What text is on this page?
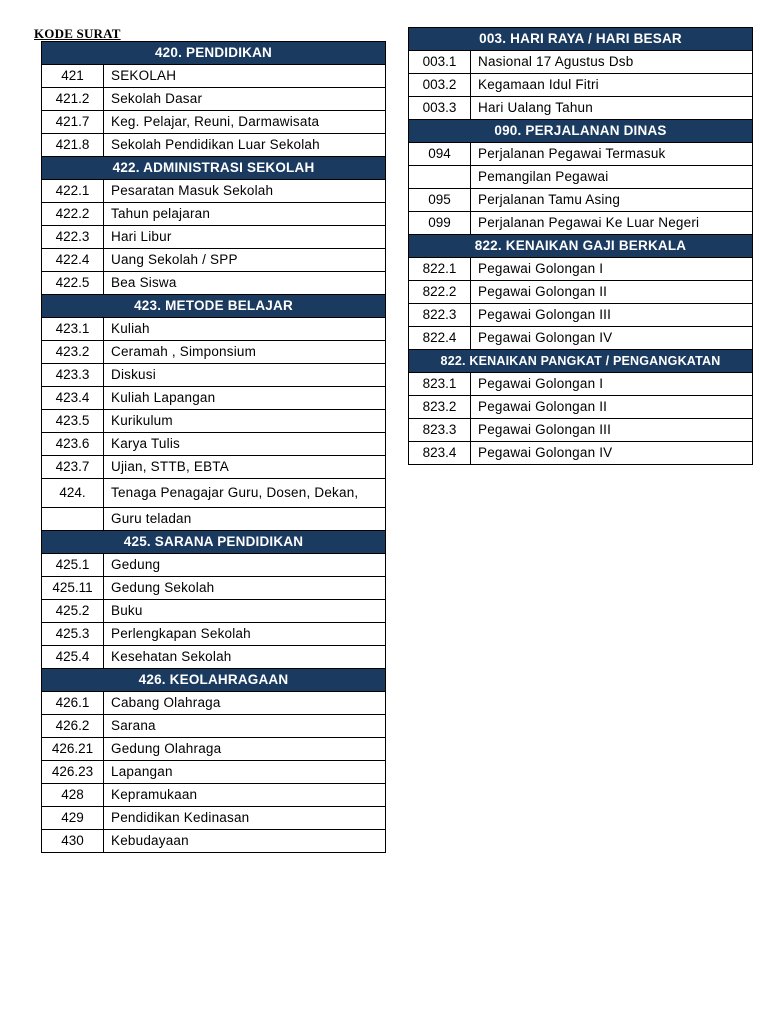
KODE SURAT
420. PENDIDIKAN	
421	SEKOLAH
421.2	Sekolah Dasar
421.7	Keg. Pelajar, Reuni, Darmawisata
421.8	Sekolah Pendidikan Luar Sekolah
422. ADMINISTRASI SEKOLAH	
422.1	Pesaratan Masuk Sekolah
422.2	Tahun pelajaran
422.3	Hari Libur
422.4	Uang Sekolah / SPP
422.5	Bea Siswa
423. METODE BELAJAR	
423.1	Kuliah
423.2	Ceramah , Simponsium
423.3	Diskusi
423.4	Kuliah Lapangan
423.5	Kurikulum
423.6	Karya Tulis
423.7	Ujian, STTB, EBTA
424.	Tenaga Penagajar Guru, Dosen, Dekan,
	Guru teladan
425. SARANA PENDIDIKAN	
425.1	Gedung
425.11	Gedung Sekolah
425.2	Buku
425.3	Perlengkapan Sekolah
425.4	Kesehatan Sekolah
426. KEOLAHRAGAAN	
426.1	Cabang Olahraga
426.2	Sarana
426.21	Gedung Olahraga
426.23	Lapangan
428	Kepramukaan
429	Pendidikan Kedinasan
430	Kebudayaan
003. HARI RAYA / HARI BESAR	
003.1	Nasional 17 Agustus Dsb
003.2	Kegamaan Idul Fitri
003.3	Hari Ualang Tahun
090. PERJALANAN DINAS	
094	Perjalanan Pegawai Termasuk
	Pemangilan Pegawai
095	Perjalanan Tamu Asing
099	Perjalanan Pegawai Ke Luar Negeri
822. KENAIKAN GAJI BERKALA	
822.1	Pegawai Golongan I
822.2	Pegawai Golongan II
822.3	Pegawai Golongan III
822.4	Pegawai Golongan IV
822. KENAIKAN PANGKAT / PENGANGKATAN	
823.1	Pegawai Golongan I
823.2	Pegawai Golongan II
823.3	Pegawai Golongan III
823.4	Pegawai Golongan IV
